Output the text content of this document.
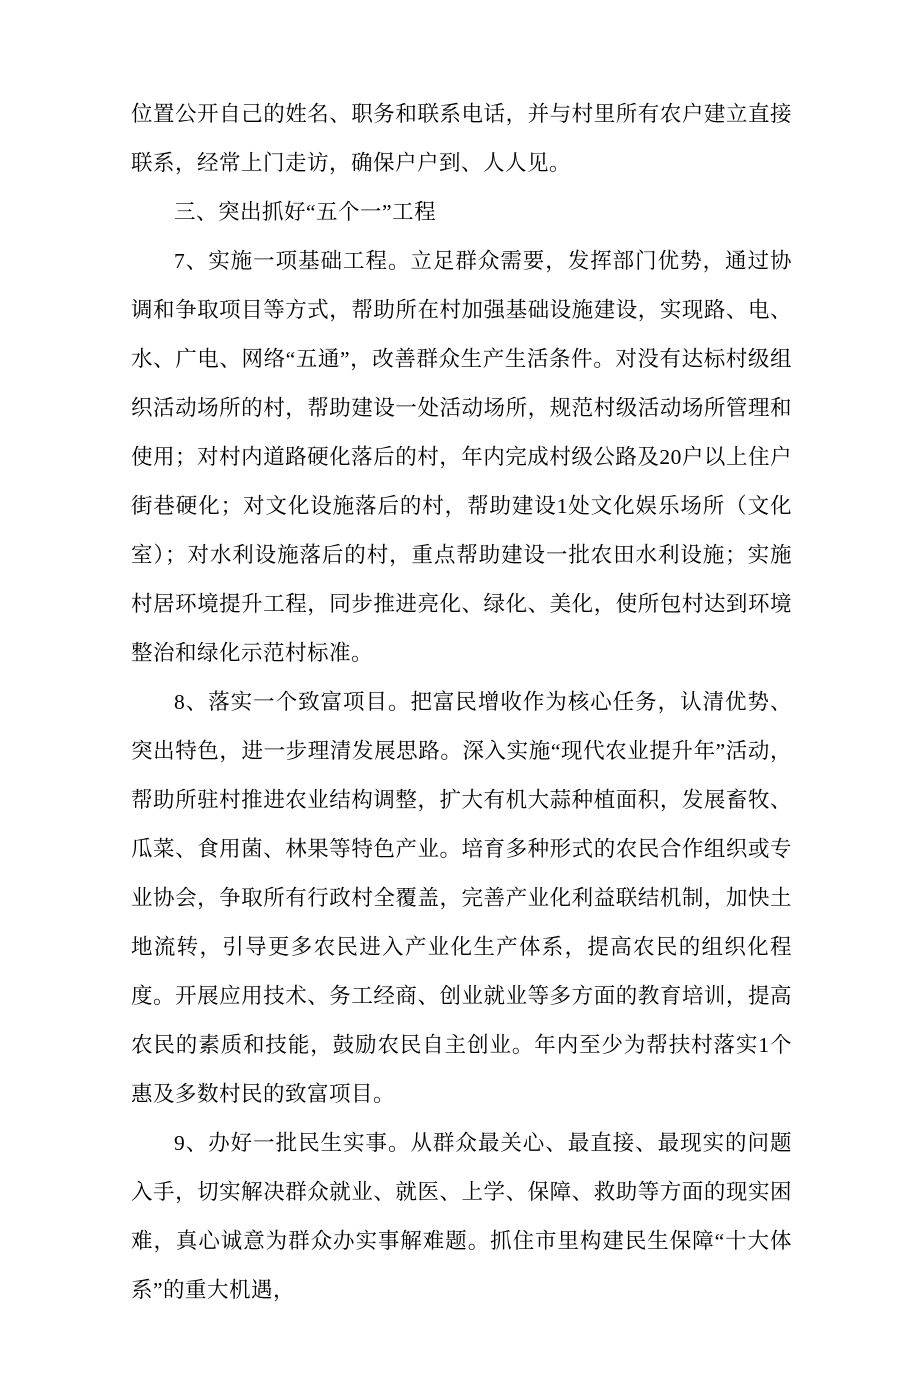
位置公开自己的姓名、职务和联系电话，并与村里所有农户建立直接联系，经常上门走访，确保户户到、人人见。

三、突出抓好“五个一”工程

7、实施一项基础工程。立足群众需要，发挥部门优势，通过协调和争取项目等方式，帮助所在村加强基础设施建设，实现路、电、水、广电、网络“五通”，改善群众生产生活条件。对没有达标村级组织活动场所的村，帮助建设一处活动场所，规范村级活动场所管理和使用；对村内道路硬化落后的村，年内完成村级公路及20户以上住户街巷硬化；对文化设施落后的村，帮助建设1处文化娱乐场所（文化室）；对水利设施落后的村，重点帮助建设一批农田水利设施；实施村居环境提升工程，同步推进亮化、绿化、美化，使所包村达到环境整治和绿化示范村标准。

8、落实一个致富项目。把富民增收作为核心任务，认清优势、突出特色，进一步理清发展思路。深入实施“现代农业提升年”活动，帮助所驻村推进农业结构调整，扩大有机大蒜种植面积，发展畜牧、瓜菜、食用菌、林果等特色产业。培育多种形式的农民合作组织或专业协会，争取所有行政村全覆盖，完善产业化利益联结机制，加快土地流转，引导更多农民进入产业化生产体系，提高农民的组织化程度。开展应用技术、务工经商、创业就业等多方面的教育培训，提高农民的素质和技能，鼓励农民自主创业。年内至少为帮扶村落实1个惠及多数村民的致富项目。

9、办好一批民生实事。从群众最关心、最直接、最现实的问题入手，切实解决群众就业、就医、上学、保障、救助等方面的现实困难，真心诚意为群众办实事解难题。抓住市里构建民生保障“十大体系”的重大机遇，
